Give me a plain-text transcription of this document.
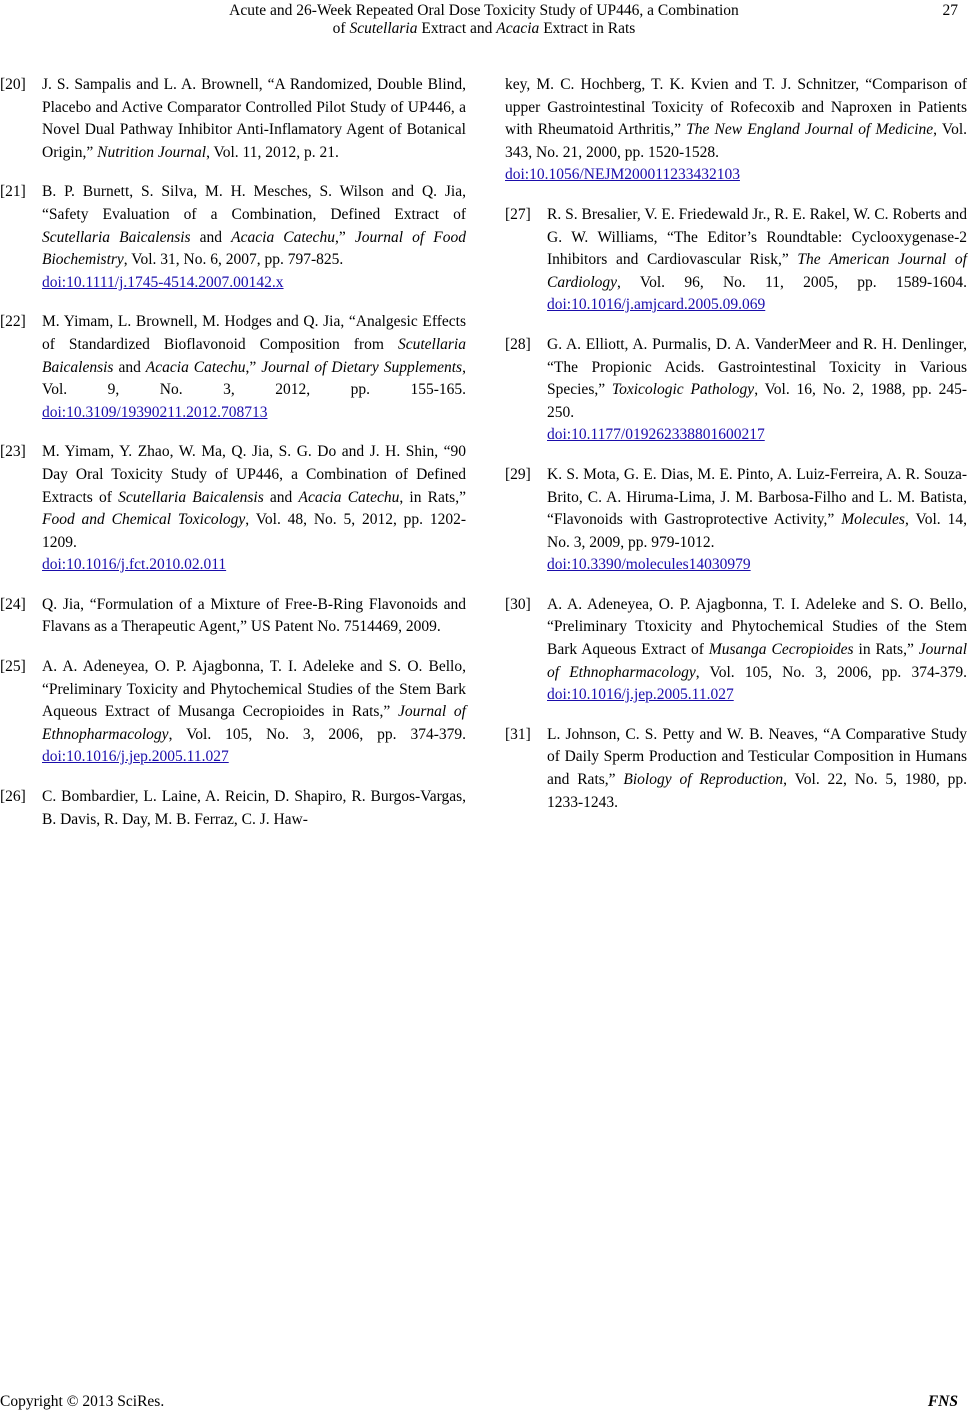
Acute and 26-Week Repeated Oral Dose Toxicity Study of UP446, a Combination
of Scutellaria Extract and Acacia Extract in Rats
27
[20]	J. S. Sampalis and L. A. Brownell, “A Randomized, Double Blind, Placebo and Active Comparator Controlled Pilot Study of UP446, a Novel Dual Pathway Inhibitor Anti-Inflamatory Agent of Botanical Origin,” Nutrition Journal, Vol. 11, 2012, p. 21.
[21]	B. P. Burnett, S. Silva, M. H. Mesches, S. Wilson and Q. Jia, “Safety Evaluation of a Combination, Defined Extract of Scutellaria Baicalensis and Acacia Catechu,” Journal of Food Biochemistry, Vol. 31, No. 6, 2007, pp. 797-825.
doi:10.1111/j.1745-4514.2007.00142.x
[22]	M. Yimam, L. Brownell, M. Hodges and Q. Jia, “Analgesic Effects of Standardized Bioflavonoid Composition from Scutellaria Baicalensis and Acacia Catechu,” Journal of Dietary Supplements, Vol. 9, No. 3, 2012, pp. 155-165. doi:10.3109/19390211.2012.708713
[23]	M. Yimam, Y. Zhao, W. Ma, Q. Jia, S. G. Do and J. H. Shin, “90 Day Oral Toxicity Study of UP446, a Combination of Defined Extracts of Scutellaria Baicalensis and Acacia Catechu, in Rats,” Food and Chemical Toxicology, Vol. 48, No. 5, 2012, pp. 1202-1209.
doi:10.1016/j.fct.2010.02.011
[24]	Q. Jia, “Formulation of a Mixture of Free-B-Ring Flavonoids and Flavans as a Therapeutic Agent,” US Patent No. 7514469, 2009.
[25]	A. A. Adeneyea, O. P. Ajagbonna, T. I. Adeleke and S. O. Bello, “Preliminary Toxicity and Phytochemical Studies of the Stem Bark Aqueous Extract of Musanga Cecropioides in Rats,” Journal of Ethnopharmacology, Vol. 105, No. 3, 2006, pp. 374-379. doi:10.1016/j.jep.2005.11.027
[26]	C. Bombardier, L. Laine, A. Reicin, D. Shapiro, R. Burgos-Vargas, B. Davis, R. Day, M. B. Ferraz, C. J. Haw-
key, M. C. Hochberg, T. K. Kvien and T. J. Schnitzer, “Comparison of upper Gastrointestinal Toxicity of Rofecoxib and Naproxen in Patients with Rheumatoid Arthritis,” The New England Journal of Medicine, Vol. 343, No. 21, 2000, pp. 1520-1528.
doi:10.1056/NEJM200011233432103
[27]	R. S. Bresalier, V. E. Friedewald Jr., R. E. Rakel, W. C. Roberts and G. W. Williams, “The Editor’s Roundtable: Cyclooxygenase-2 Inhibitors and Cardiovascular Risk,” The American Journal of Cardiology, Vol. 96, No. 11, 2005, pp. 1589-1604. doi:10.1016/j.amjcard.2005.09.069
[28]	G. A. Elliott, A. Purmalis, D. A. VanderMeer and R. H. Denlinger, “The Propionic Acids. Gastrointestinal Toxicity in Various Species,” Toxicologic Pathology, Vol. 16, No. 2, 1988, pp. 245-250.
doi:10.1177/019262338801600217
[29]	K. S. Mota, G. E. Dias, M. E. Pinto, A. Luiz-Ferreira, A. R. Souza-Brito, C. A. Hiruma-Lima, J. M. Barbosa-Filho and L. M. Batista, “Flavonoids with Gastroprotective Activity,” Molecules, Vol. 14, No. 3, 2009, pp. 979-1012.
doi:10.3390/molecules14030979
[30]	A. A. Adeneyea, O. P. Ajagbonna, T. I. Adeleke and S. O. Bello, “Preliminary Ttoxicity and Phytochemical Studies of the Stem Bark Aqueous Extract of Musanga Cecropioides in Rats,” Journal of Ethnopharmacology, Vol. 105, No. 3, 2006, pp. 374-379. doi:10.1016/j.jep.2005.11.027
[31]	L. Johnson, C. S. Petty and W. B. Neaves, “A Comparative Study of Daily Sperm Production and Testicular Composition in Humans and Rats,” Biology of Reproduction, Vol. 22, No. 5, 1980, pp. 1233-1243.
Copyright © 2013 SciRes.	FNS
